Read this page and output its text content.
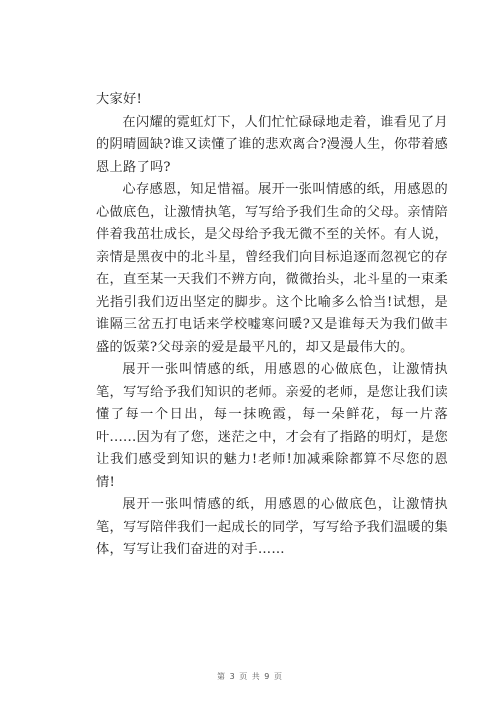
大家好!

在闪耀的霓虹灯下，人们忙忙碌碌地走着，谁看见了月的阴晴圆缺?谁又读懂了谁的悲欢离合?漫漫人生，你带着感恩上路了吗?

心存感恩，知足惜福。展开一张叫情感的纸，用感恩的心做底色，让激情执笔，写写给予我们生命的父母。亲情陪伴着我茁壮成长，是父母给予我无微不至的关怀。有人说，亲情是黑夜中的北斗星，曾经我们向目标追逐而忽视它的存在，直至某一天我们不辨方向，微微抬头，北斗星的一束柔光指引我们迈出坚定的脚步。这个比喻多么恰当!试想，是谁隔三岔五打电话来学校嘘寒问暖?又是谁每天为我们做丰盛的饭菜?父母亲的爱是最平凡的，却又是最伟大的。

展开一张叫情感的纸，用感恩的心做底色，让激情执笔，写写给予我们知识的老师。亲爱的老师，是您让我们读懂了每一个日出，每一抹晚霞，每一朵鲜花，每一片落叶......因为有了您，迷茫之中，才会有了指路的明灯，是您让我们感受到知识的魅力!老师!加减乘除都算不尽您的恩情!

展开一张叫情感的纸，用感恩的心做底色，让激情执笔，写写陪伴我们一起成长的同学，写写给予我们温暖的集体，写写让我们奋进的对手……

第 3 页 共 9 页
